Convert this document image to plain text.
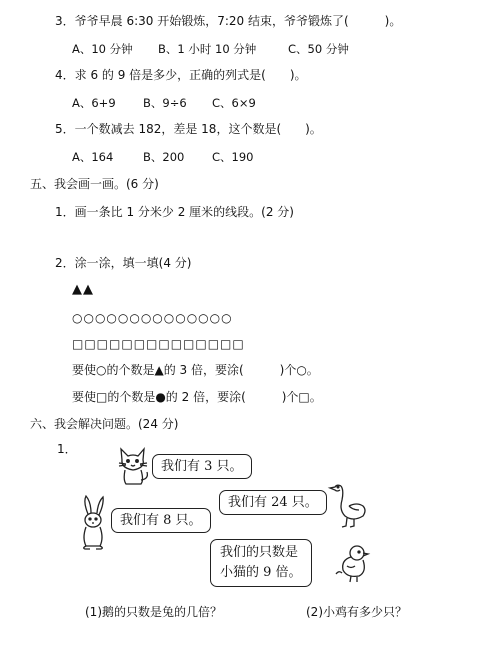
3．爷爷早晨 6:30 开始锻炼，7:20 结束，爷爷锻炼了(　　　)。
A、10 分钟 B、1 小时 10 分钟	C、50 分钟
4．求 6 的 9 倍是多少，正确的列式是(　　)。
A、6+9 B、9÷6 C、6×9
5．一个数减去 182，差是 18，这个数是(　　)。
A、164	B、200 C、190
五、我会画一画。(6 分)
1．画一条比 1 分米少 2 厘米的线段。(2 分)
2．涂一涂，填一填(4 分)
▲▲
○○○○○○○○○○○○○○
□□□□□□□□□□□□□□
要使○的个数是▲的 3 倍，要涂(　　　)个○。
要使□的个数是●的 2 倍，要涂(　　　)个□。
六、我会解决问题。(24 分)
1．
我们有 3 只。
我们有 24 只。
我们有 8 只。
我们的只数是
小猫的 9 倍。
(1)鹅的只数是兔的几倍？	(2)小鸡有多少只？
